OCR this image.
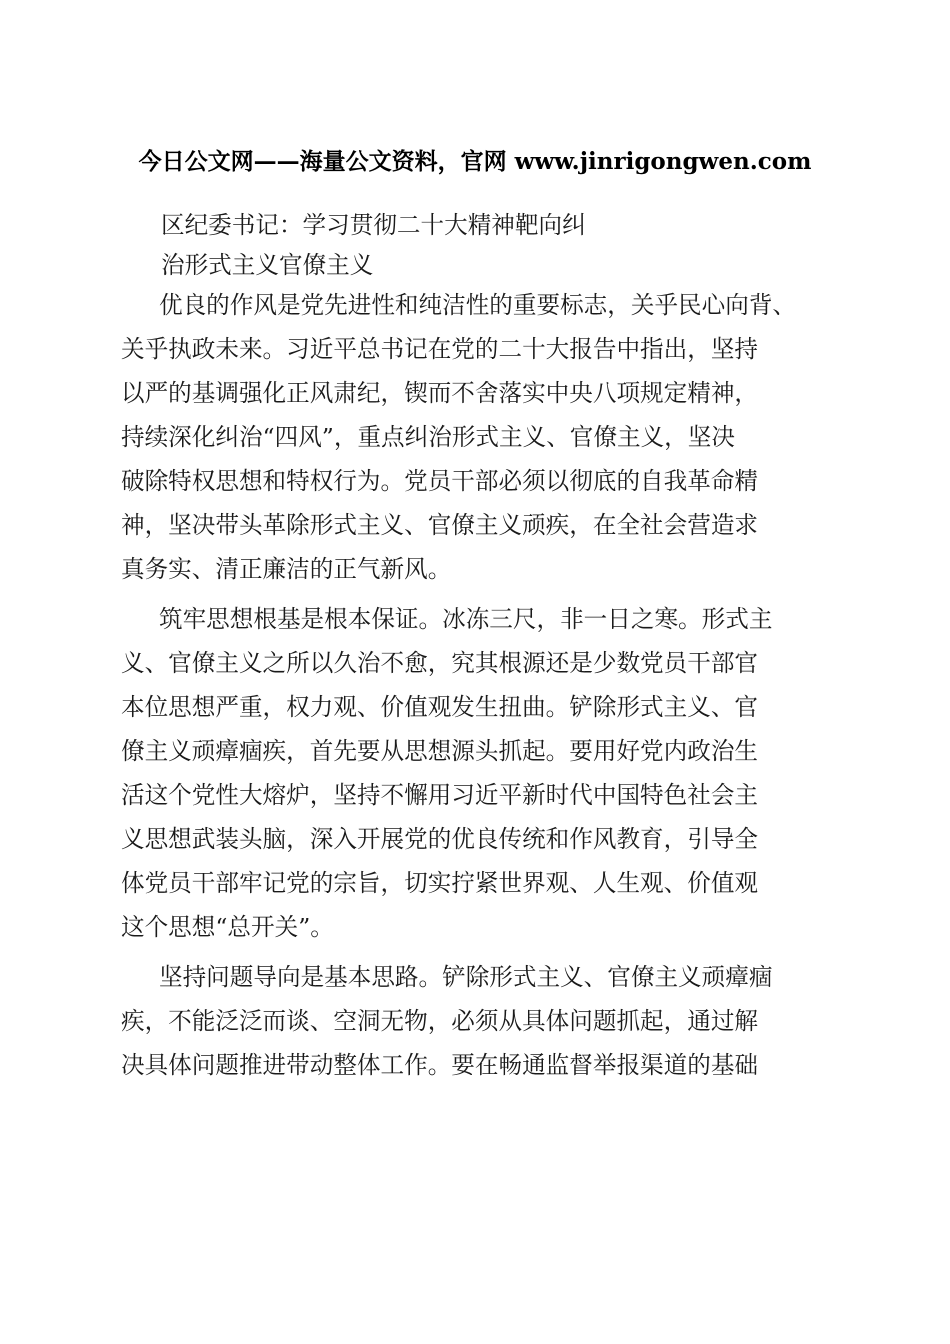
今日公文网——海量公文资料，官网 www.jinrigongwen.com

区纪委书记：学习贯彻二十大精神靶向纠

治形式主义官僚主义

优良的作风是党先进性和纯洁性的重要标志，关乎民心向背、
关乎执政未来。习近平总书记在党的二十大报告中指出，坚持
以严的基调强化正风肃纪，锲而不舍落实中央八项规定精神，
持续深化纠治“四风”，重点纠治形式主义、官僚主义，坚决
破除特权思想和特权行为。党员干部必须以彻底的自我革命精
神，坚决带头革除形式主义、官僚主义顽疾，在全社会营造求
真务实、清正廉洁的正气新风。
筑牢思想根基是根本保证。冰冻三尺，非一日之寒。形式主
义、官僚主义之所以久治不愈，究其根源还是少数党员干部官
本位思想严重，权力观、价值观发生扭曲。铲除形式主义、官
僚主义顽瘴痼疾，首先要从思想源头抓起。要用好党内政治生
活这个党性大熔炉，坚持不懈用习近平新时代中国特色社会主
义思想武装头脑，深入开展党的优良传统和作风教育，引导全
体党员干部牢记党的宗旨，切实拧紧世界观、人生观、价值观
这个思想“总开关”。
坚持问题导向是基本思路。铲除形式主义、官僚主义顽瘴痼
疾，不能泛泛而谈、空洞无物，必须从具体问题抓起，通过解
决具体问题推进带动整体工作。要在畅通监督举报渠道的基础
